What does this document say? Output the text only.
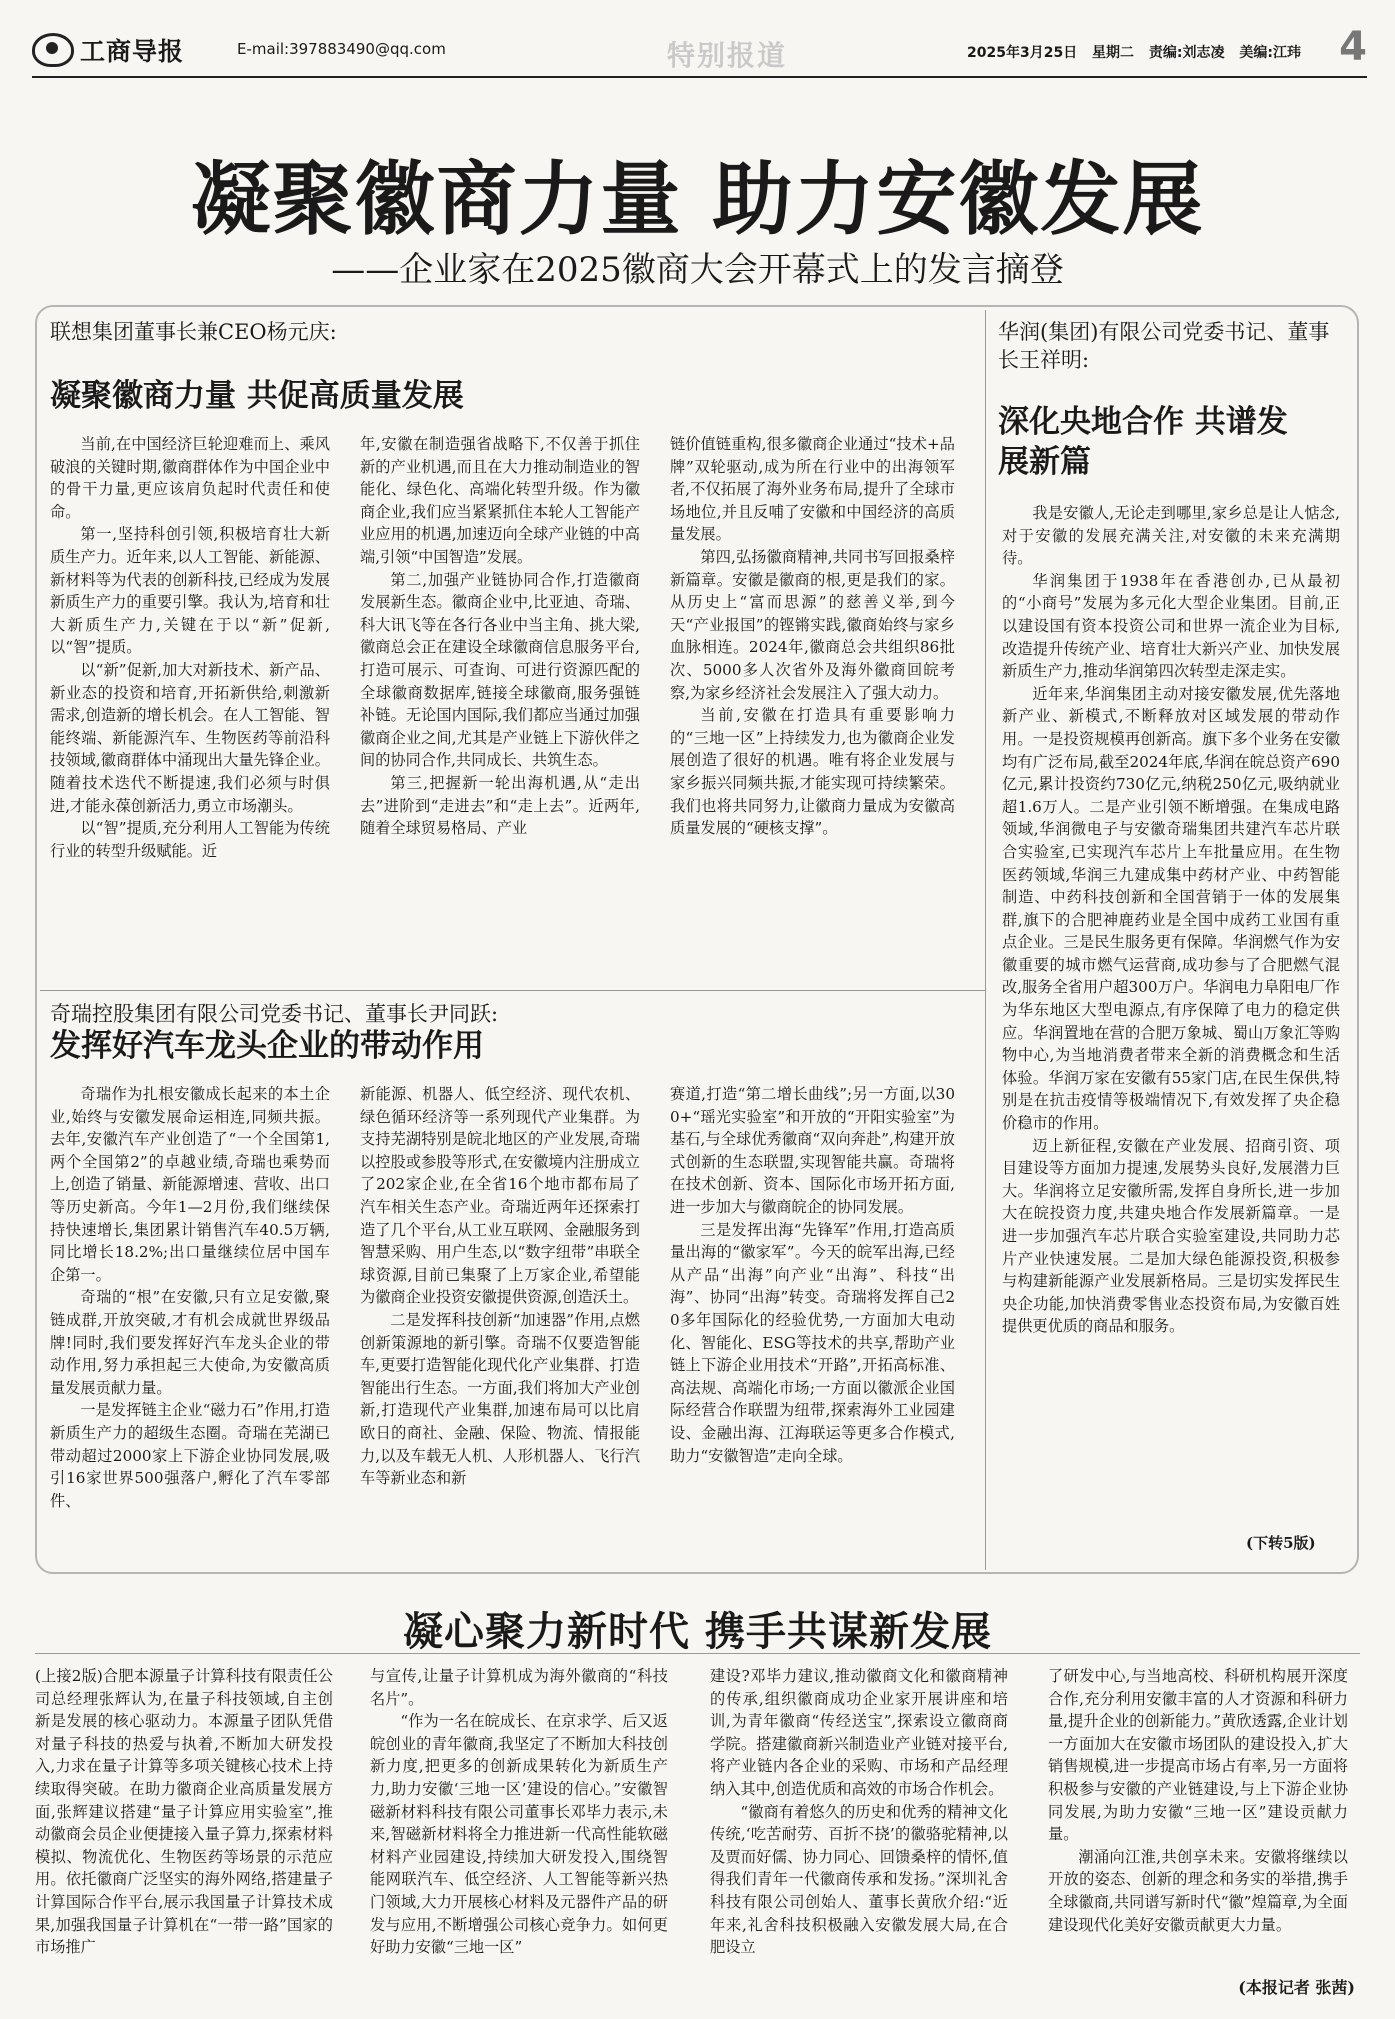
工商导报	E-mail:397883490@qq.com	特别报道	2025年3月25日 星期二 责编:刘志凌 美编:江玮 4
凝聚徽商力量 助力安徽发展
——企业家在2025徽商大会开幕式上的发言摘登
联想集团董事长兼CEO杨元庆:
凝聚徽商力量 共促高质量发展

当前,在中国经济巨轮迎难而上、乘风破浪的关键时期,徽商群体作为中国企业中的骨干力量,更应该肩负起时代责任和使命。

第一,坚持科创引领,积极培育壮大新质生产力。近年来,以人工智能、新能源、新材料等为代表的创新科技,已经成为发展新质生产力的重要引擎。我认为,培育和壮大新质生产力,关键在于以“新”促新,以“智”提质。

以“新”促新,加大对新技术、新产品、新业态的投资和培育,开拓新供给,刺激新需求,创造新的增长机会。在人工智能、智能终端、新能源汽车、生物医药等前沿科技领域,徽商群体中涌现出大量先锋企业。随着技术迭代不断提速,我们必须与时俱进,才能永葆创新活力,勇立市场潮头。

以“智”提质,充分利用人工智能为传统行业的转型升级赋能。近

年,安徽在制造强省战略下,不仅善于抓住新的产业机遇,而且在大力推动制造业的智能化、绿色化、高端化转型升级。作为徽商企业,我们应当紧紧抓住本轮人工智能产业应用的机遇,加速迈向全球产业链的中高端,引领“中国智造”发展。

第二,加强产业链协同合作,打造徽商发展新生态。徽商企业中,比亚迪、奇瑞、科大讯飞等在各行各业中当主角、挑大梁,徽商总会正在建设全球徽商信息服务平台,打造可展示、可查询、可进行资源匹配的全球徽商数据库,链接全球徽商,服务强链补链。无论国内国际,我们都应当通过加强徽商企业之间,尤其是产业链上下游伙伴之间的协同合作,共同成长、共筑生态。

第三,把握新一轮出海机遇,从“走出去”进阶到“走进去”和“走上去”。近两年,随着全球贸易格局、产业

链价值链重构,很多徽商企业通过“技术+品牌”双轮驱动,成为所在行业中的出海领军者,不仅拓展了海外业务布局,提升了全球市场地位,并且反哺了安徽和中国经济的高质量发展。

第四,弘扬徽商精神,共同书写回报桑梓新篇章。安徽是徽商的根,更是我们的家。从历史上“富而思源”的慈善义举,到今天“产业报国”的铿锵实践,徽商始终与家乡血脉相连。2024年,徽商总会共组织86批次、5000多人次省外及海外徽商回皖考察,为家乡经济社会发展注入了强大动力。

当前,安徽在打造具有重要影响力的“三地一区”上持续发力,也为徽商企业发展创造了很好的机遇。唯有将企业发展与家乡振兴同频共振,才能实现可持续繁荣。我们也将共同努力,让徽商力量成为安徽高质量发展的“硬核支撑”。

奇瑞控股集团有限公司党委书记、董事长尹同跃:
发挥好汽车龙头企业的带动作用

奇瑞作为扎根安徽成长起来的本土企业,始终与安徽发展命运相连,同频共振。去年,安徽汽车产业创造了“一个全国第1,两个全国第2”的卓越业绩,奇瑞也乘势而上,创造了销量、新能源增速、营收、出口等历史新高。今年1—2月份,我们继续保持快速增长,集团累计销售汽车40.5万辆,同比增长18.2%;出口量继续位居中国车企第一。

奇瑞的“根”在安徽,只有立足安徽,聚链成群,开放突破,才有机会成就世界级品牌!同时,我们要发挥好汽车龙头企业的带动作用,努力承担起三大使命,为安徽高质量发展贡献力量。

一是发挥链主企业“磁力石”作用,打造新质生产力的超级生态圈。奇瑞在芜湖已带动超过2000家上下游企业协同发展,吸引16家世界500强落户,孵化了汽车零部件、

新能源、机器人、低空经济、现代农机、绿色循环经济等一系列现代产业集群。为支持芜湖特别是皖北地区的产业发展,奇瑞以控股或参股等形式,在安徽境内注册成立了202家企业,在全省16个地市都布局了汽车相关生态产业。奇瑞近两年还探索打造了几个平台,从工业互联网、金融服务到智慧采购、用户生态,以“数字纽带”串联全球资源,目前已集聚了上万家企业,希望能为徽商企业投资安徽提供资源,创造沃土。

二是发挥科技创新“加速器”作用,点燃创新策源地的新引擎。奇瑞不仅要造智能车,更要打造智能化现代化产业集群、打造智能出行生态。一方面,我们将加大产业创新,打造现代产业集群,加速布局可以比肩欧日的商社、金融、保险、物流、情报能力,以及车载无人机、人形机器人、飞行汽车等新业态和新

赛道,打造“第二增长曲线”;另一方面,以300+“瑶光实验室”和开放的“开阳实验室”为基石,与全球优秀徽商“双向奔赴”,构建开放式创新的生态联盟,实现智能共赢。奇瑞将在技术创新、资本、国际化市场开拓方面,进一步加大与徽商皖企的协同发展。

三是发挥出海“先锋军”作用,打造高质量出海的“徽家军”。今天的皖军出海,已经从产品“出海”向产业“出海”、科技“出海”、协同“出海”转变。奇瑞将发挥自己20多年国际化的经验优势,一方面加大电动化、智能化、ESG等技术的共享,帮助产业链上下游企业用技术“开路”,开拓高标准、高法规、高端化市场;一方面以徽派企业国际经营合作联盟为纽带,探索海外工业园建设、金融出海、江海联运等更多合作模式,助力“安徽智造”走向全球。

华润(集团)有限公司党委书记、董事长王祥明:
深化央地合作 共谱发展新篇

我是安徽人,无论走到哪里,家乡总是让人惦念,对于安徽的发展充满关注,对安徽的未来充满期待。

华润集团于1938年在香港创办,已从最初的“小商号”发展为多元化大型企业集团。目前,正以建设国有资本投资公司和世界一流企业为目标,改造提升传统产业、培育壮大新兴产业、加快发展新质生产力,推动华润第四次转型走深走实。

近年来,华润集团主动对接安徽发展,优先落地新产业、新模式,不断释放对区域发展的带动作用。一是投资规模再创新高。旗下多个业务在安徽均有广泛布局,截至2024年底,华润在皖总资产690亿元,累计投资约730亿元,纳税250亿元,吸纳就业超1.6万人。二是产业引领不断增强。在集成电路领域,华润微电子与安徽奇瑞集团共建汽车芯片联合实验室,已实现汽车芯片上车批量应用。在生物医药领域,华润三九建成集中药材产业、中药智能制造、中药科技创新和全国营销于一体的发展集群,旗下的合肥神鹿药业是全国中成药工业国有重点企业。三是民生服务更有保障。华润燃气作为安徽重要的城市燃气运营商,成功参与了合肥燃气混改,服务全省用户超300万户。华润电力阜阳电厂作为华东地区大型电源点,有序保障了电力的稳定供应。华润置地在营的合肥万象城、蜀山万象汇等购物中心,为当地消费者带来全新的消费概念和生活体验。华润万家在安徽有55家门店,在民生保供,特别是在抗击疫情等极端情况下,有效发挥了央企稳价稳市的作用。

迈上新征程,安徽在产业发展、招商引资、项目建设等方面加力提速,发展势头良好,发展潜力巨大。华润将立足安徽所需,发挥自身所长,进一步加大在皖投资力度,共建央地合作发展新篇章。一是进一步加强汽车芯片联合实验室建设,共同助力芯片产业快速发展。二是加大绿色能源投资,积极参与构建新能源产业发展新格局。三是切实发挥民生央企功能,加快消费零售业态投资布局,为安徽百姓提供更优质的商品和服务。

(下转5版)
凝心聚力新时代 携手共谋新发展

(上接2版)合肥本源量子计算科技有限责任公司总经理张辉认为,在量子科技领域,自主创新是发展的核心驱动力。本源量子团队凭借对量子科技的热爱与执着,不断加大研发投入,力求在量子计算等多项关键核心技术上持续取得突破。在助力徽商企业高质量发展方面,张辉建议搭建“量子计算应用实验室”,推动徽商会员企业便捷接入量子算力,探索材料模拟、物流优化、生物医药等场景的示范应用。依托徽商广泛坚实的海外网络,搭建量子计算国际合作平台,展示我国量子计算技术成果,加强我国量子计算机在“一带一路”国家的市场推广

与宣传,让量子计算机成为海外徽商的“科技名片”。

“作为一名在皖成长、在京求学、后又返皖创业的青年徽商,我坚定了不断加大科技创新力度,把更多的创新成果转化为新质生产力,助力安徽‘三地一区’建设的信心。”安徽智磁新材料科技有限公司董事长邓毕力表示,未来,智磁新材料将全力推进新一代高性能软磁材料产业园建设,持续加大研发投入,围绕智能网联汽车、低空经济、人工智能等新兴热门领域,大力开展核心材料及元器件产品的研发与应用,不断增强公司核心竞争力。如何更好助力安徽“三地一区”

建设?邓毕力建议,推动徽商文化和徽商精神的传承,组织徽商成功企业家开展讲座和培训,为青年徽商“传经送宝”,探索设立徽商商学院。搭建徽商新兴制造业产业链对接平台,将产业链内各企业的采购、市场和产品经理纳入其中,创造优质和高效的市场合作机会。

“徽商有着悠久的历史和优秀的精神文化传统,‘吃苦耐劳、百折不挠’的徽骆驼精神,以及贾而好儒、协力同心、回馈桑梓的情怀,值得我们青年一代徽商传承和发扬。”深圳礼舍科技有限公司创始人、董事长黄欣介绍:“近年来,礼舍科技积极融入安徽发展大局,在合肥设立

了研发中心,与当地高校、科研机构展开深度合作,充分利用安徽丰富的人才资源和科研力量,提升企业的创新能力。”黄欣透露,企业计划一方面加大在安徽市场团队的建设投入,扩大销售规模,进一步提高市场占有率,另一方面将积极参与安徽的产业链建设,与上下游企业协同发展,为助力安徽“三地一区”建设贡献力量。

潮涌向江淮,共创享未来。安徽将继续以开放的姿态、创新的理念和务实的举措,携手全球徽商,共同谱写新时代“徽”煌篇章,为全面建设现代化美好安徽贡献更大力量。

(本报记者 张茜)
